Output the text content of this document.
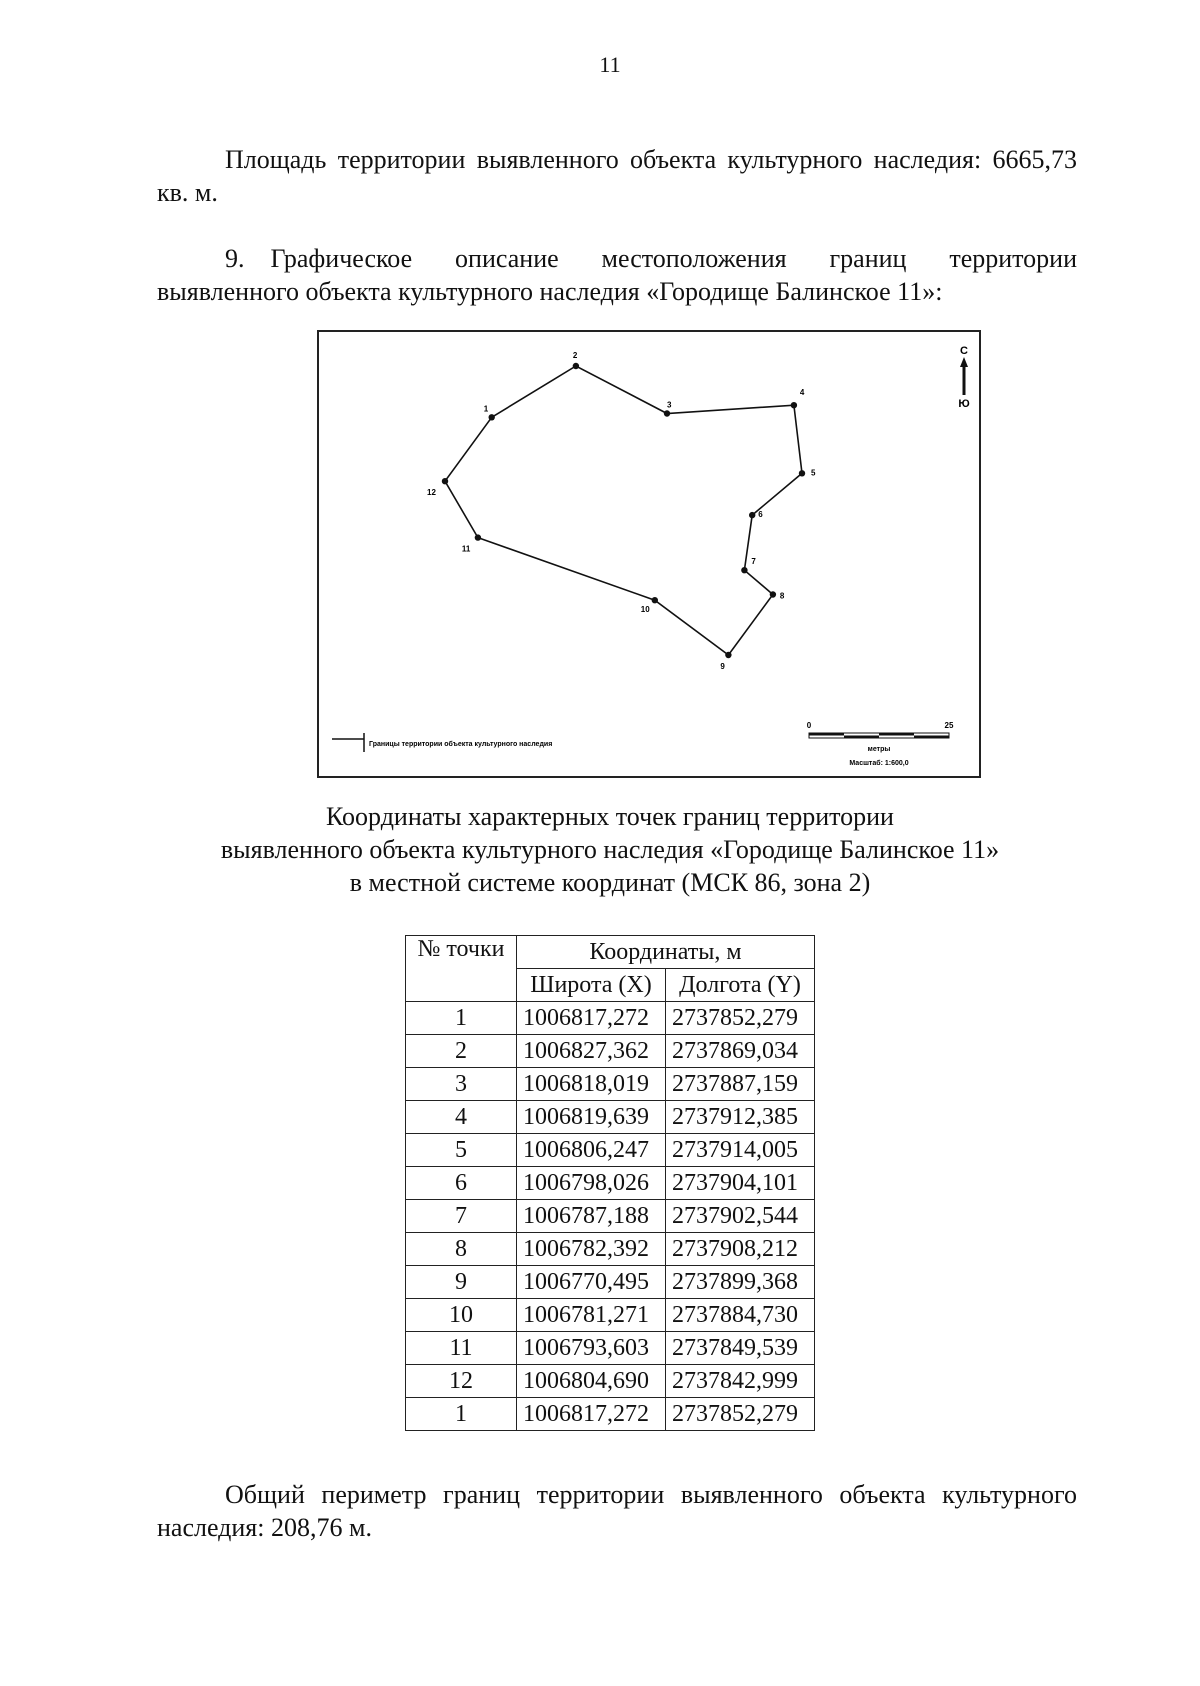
11
Площадь территории выявленного объекта культурного наследия: 6665,73 кв. м.
9. Графическое описание местоположения границ территории выявленного объекта культурного наследия «Городище Балинское 11»:
С
Ю
1
2
3
4
5
6
7
8
9
10
11
12
Границы территории объекта культурного наследия
0	25
метры
Масштаб: 1:600,0
Координаты характерных точек границ территории
выявленного объекта культурного наследия «Городище Балинское 11»
в местной системе координат (МСК 86, зона 2)
№ точки	Координаты, м	
	Широта (X)	Долгота (Y)
1	1006817,272	2737852,279
2	1006827,362	2737869,034
3	1006818,019	2737887,159
4	1006819,639	2737912,385
5	1006806,247	2737914,005
6	1006798,026	2737904,101
7	1006787,188	2737902,544
8	1006782,392	2737908,212
9	1006770,495	2737899,368
10	1006781,271	2737884,730
11	1006793,603	2737849,539
12	1006804,690	2737842,999
1	1006817,272	2737852,279
Общий периметр границ территории выявленного объекта культурного наследия: 208,76 м.
